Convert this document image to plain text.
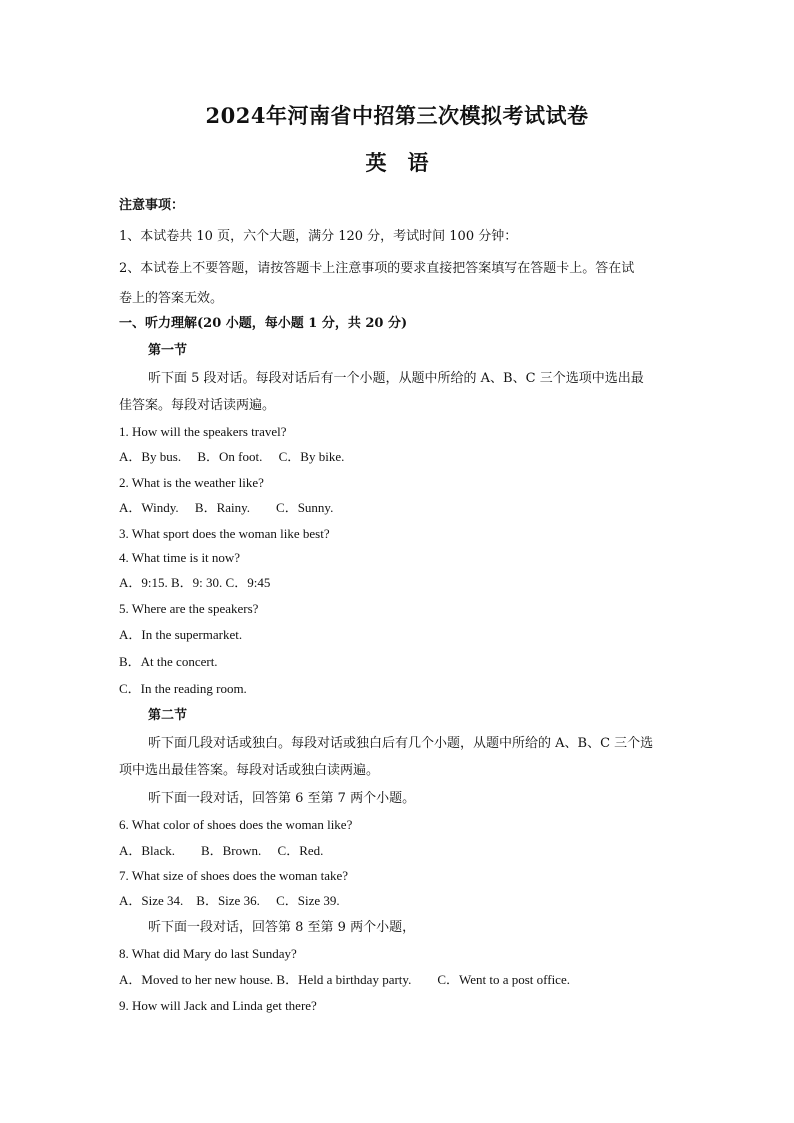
2024年河南省中招第三次模拟考试试卷
英　语
注意事项：
1、本试卷共 10 页，六个大题，满分 120 分，考试时间 100 分钟：
2、本试卷上不要答题，请按答题卡上注意事项的要求直接把答案填写在答题卡上。答在试
卷上的答案无效。
一、听力理解(20 小题，每小题 1 分，共 20 分)
第一节
听下面 5 段对话。每段对话后有一个小题，从题中所给的 A、B、C 三个选项中选出最
佳答案。每段对话读两遍。
1. How will the speakers travel?
A．By bus.　 B．On foot.　 C．By bike.
2. What is the weather like?
A．Windy.　 B．Rainy.　　C．Sunny.
3. What sport does the woman like best?
4. What time is it now?
A．9:15. B．9: 30. C．9:45
5. Where are the speakers?
A．In the supermarket.
B．At the concert.
C．In the reading room.
第二节
听下面几段对话或独白。每段对话或独白后有几个小题，从题中所给的 A、B、C 三个选
项中选出最佳答案。每段对话或独白读两遍。
听下面一段对话，回答第 6 至第 7 两个小题。
6. What color of shoes does the woman like?
A．Black.　　B．Brown.　 C．Red.
7. What size of shoes does the woman take?
A．Size 34.　B．Size 36.　 C．Size 39.
听下面一段对话，回答第 8 至第 9 两个小题，
8. What did Mary do last Sunday?
A．Moved to her new house. B．Held a birthday party.　　C．Went to a post office.
9. How will Jack and Linda get there?
